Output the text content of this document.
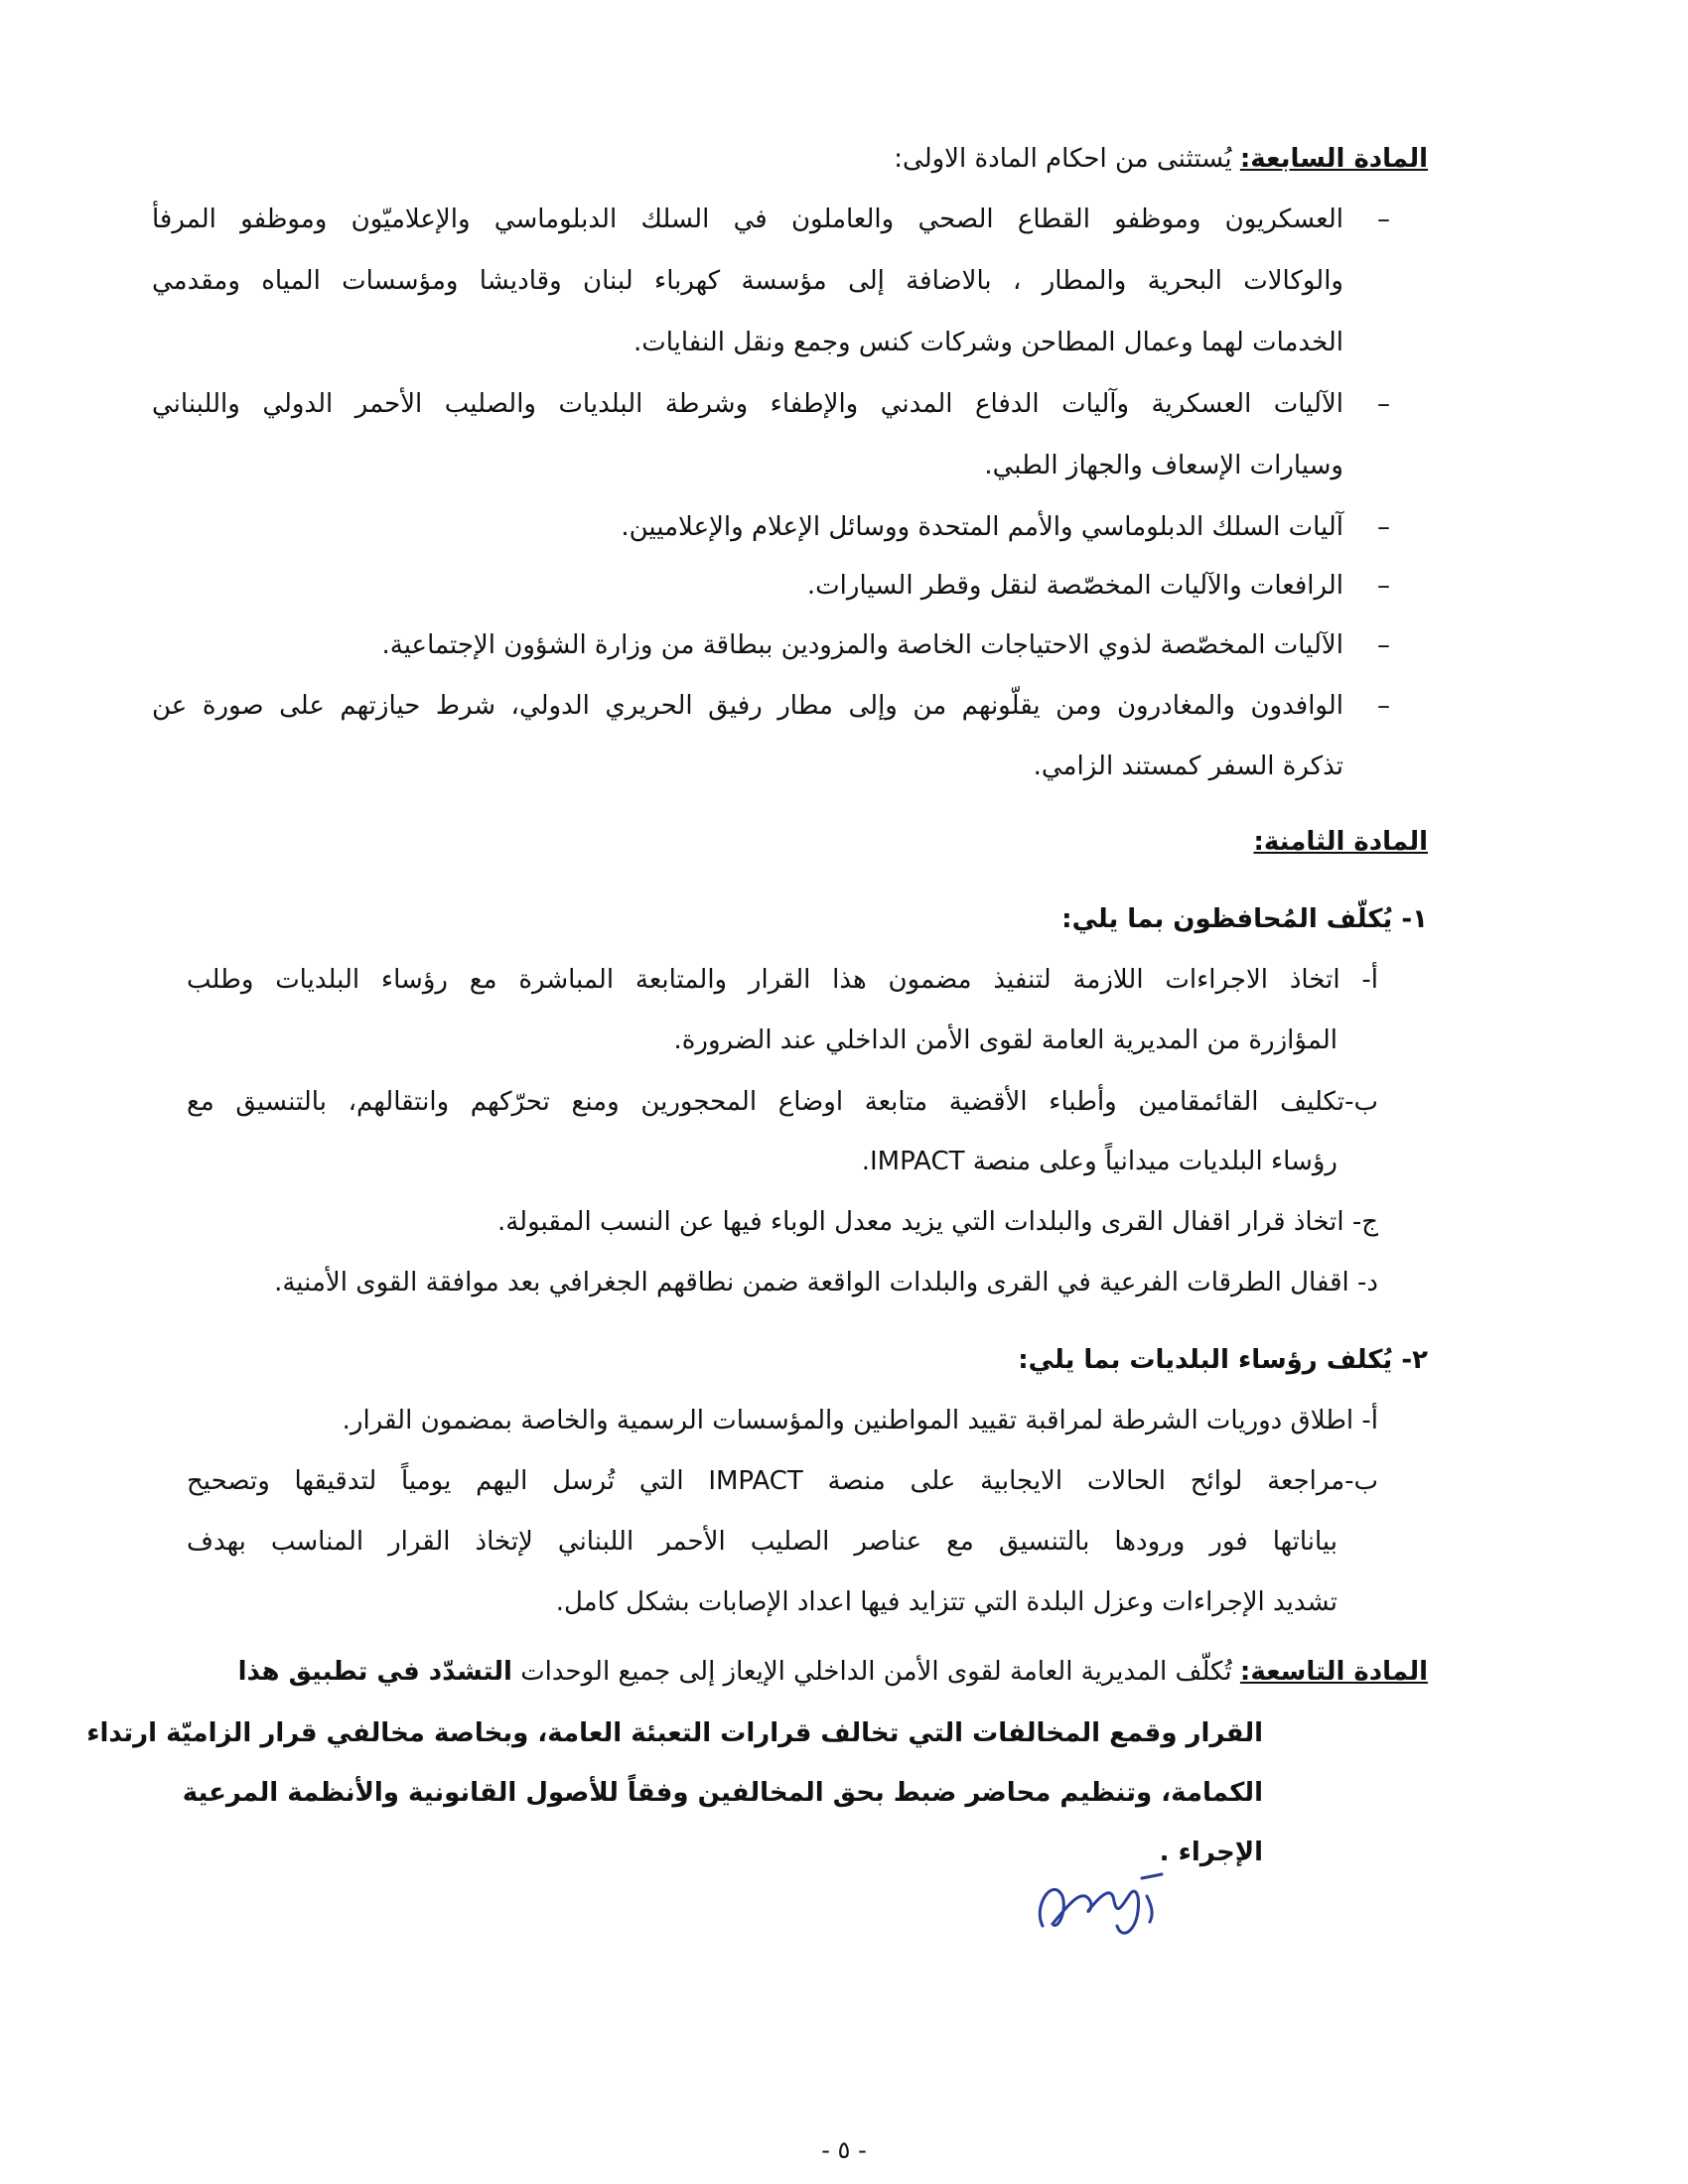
المادة السابعة: يُستثنى من احكام المادة الاولى:
–
العسكريون وموظفو القطاع الصحي والعاملون في السلك الدبلوماسي والإعلاميّون وموظفو المرفأ
والوكالات البحرية والمطار ، بالاضافة إلى مؤسسة كهرباء لبنان وقاديشا ومؤسسات المياه ومقدمي
الخدمات لهما وعمال المطاحن وشركات كنس وجمع ونقل النفايات.
–
الآليات العسكرية وآليات الدفاع المدني والإطفاء وشرطة البلديات والصليب الأحمر الدولي واللبناني
وسيارات الإسعاف والجهاز الطبي.
–
آليات السلك الدبلوماسي والأمم المتحدة ووسائل الإعلام والإعلاميين.
–
الرافعات والآليات المخصّصة لنقل وقطر السيارات.
–
الآليات المخصّصة لذوي الاحتياجات الخاصة والمزودين ببطاقة من وزارة الشؤون الإجتماعية.
–
الوافدون والمغادرون ومن يقلّونهم من وإلى مطار رفيق الحريري الدولي، شرط حيازتهم على صورة عن
تذكرة السفر كمستند الزامي.
المادة الثامنة:
١- يُكلّف المُحافظون بما يلي:
أ- اتخاذ الاجراءات اللازمة لتنفيذ مضمون هذا القرار والمتابعة المباشرة مع رؤساء البلديات وطلب
المؤازرة من المديرية العامة لقوى الأمن الداخلي عند الضرورة.
ب-تكليف القائمقامين وأطباء الأقضية متابعة اوضاع المحجورين ومنع تحرّكهم وانتقالهم، بالتنسيق مع
رؤساء البلديات ميدانياً وعلى منصة IMPACT.
ج- اتخاذ قرار اقفال القرى والبلدات التي يزيد معدل الوباء فيها عن النسب المقبولة.
د- اقفال الطرقات الفرعية في القرى والبلدات الواقعة ضمن نطاقهم الجغرافي بعد موافقة القوى الأمنية.
٢- يُكلف رؤساء البلديات بما يلي:
أ- اطلاق دوريات الشرطة لمراقبة تقييد المواطنين والمؤسسات الرسمية والخاصة بمضمون القرار.
ب-مراجعة لوائح الحالات الايجابية على منصة IMPACT التي تُرسل اليهم يومياً لتدقيقها وتصحيح
بياناتها فور ورودها بالتنسيق مع عناصر الصليب الأحمر اللبناني لإتخاذ القرار المناسب بهدف
تشديد الإجراءات وعزل البلدة التي تتزايد فيها اعداد الإصابات بشكل كامل.
المادة التاسعة: تُكلّف المديرية العامة لقوى الأمن الداخلي الإيعاز إلى جميع الوحدات التشدّد في تطبيق هذا
القرار وقمع المخالفات التي تخالف قرارات التعبئة العامة، وبخاصة مخالفي قرار الزاميّة ارتداء
الكمامة، وتنظيم محاضر ضبط بحق المخالفين وفقاً للأصول القانونية والأنظمة المرعية
الإجراء .
- ٥ -
